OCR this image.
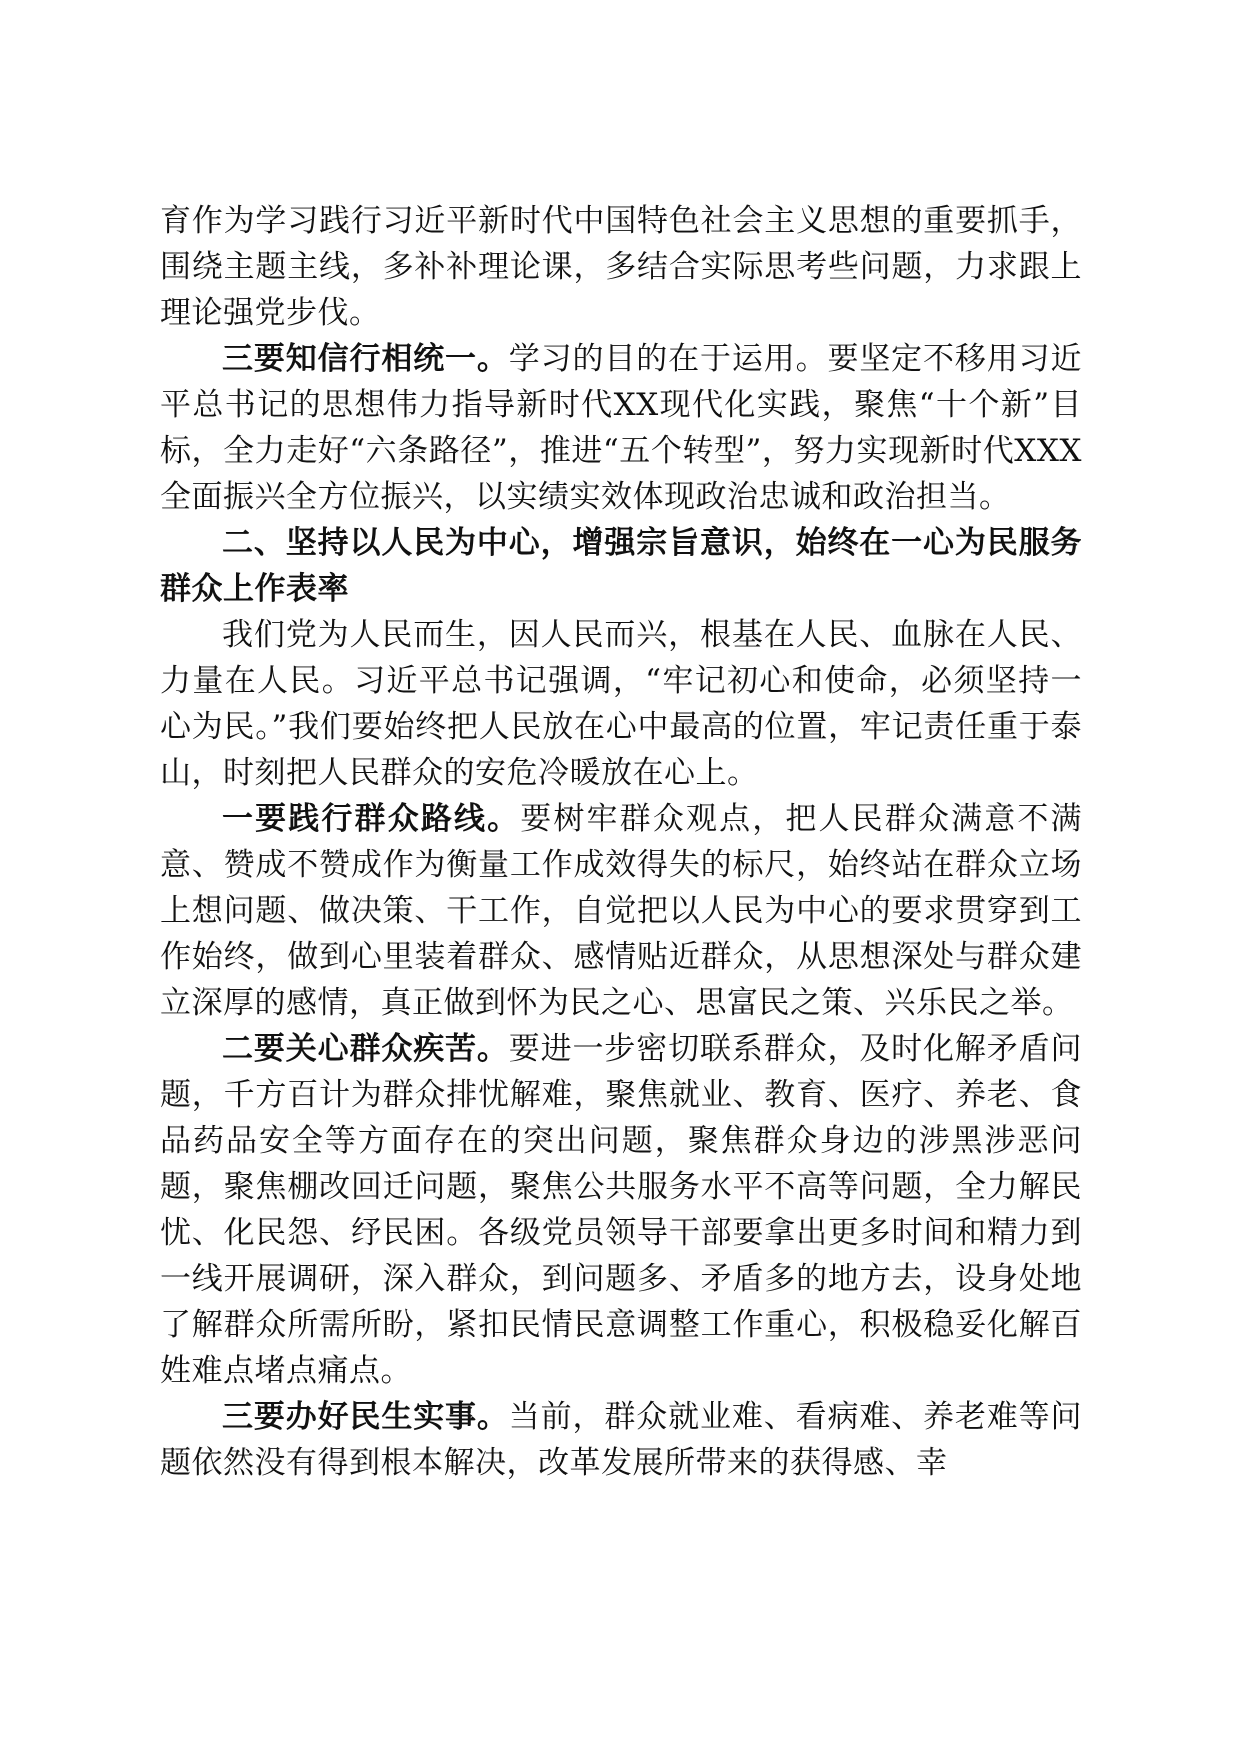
育作为学习践行习近平新时代中国特色社会主义思想的重要抓手，围绕主题主线，多补补理论课，多结合实际思考些问题，力求跟上理论强党步伐。

三要知信行相统一。学习的目的在于运用。要坚定不移用习近平总书记的思想伟力指导新时代XX现代化实践，聚焦“十个新”目标，全力走好“六条路径”，推进“五个转型”，努力实现新时代XXX全面振兴全方位振兴，以实绩实效体现政治忠诚和政治担当。

二、坚持以人民为中心，增强宗旨意识，始终在一心为民服务群众上作表率

我们党为人民而生，因人民而兴，根基在人民、血脉在人民、力量在人民。习近平总书记强调，“牢记初心和使命，必须坚持一心为民。”我们要始终把人民放在心中最高的位置，牢记责任重于泰山，时刻把人民群众的安危冷暖放在心上。

一要践行群众路线。要树牢群众观点，把人民群众满意不满意、赞成不赞成作为衡量工作成效得失的标尺，始终站在群众立场上想问题、做决策、干工作，自觉把以人民为中心的要求贯穿到工作始终，做到心里装着群众、感情贴近群众，从思想深处与群众建立深厚的感情，真正做到怀为民之心、思富民之策、兴乐民之举。

二要关心群众疾苦。要进一步密切联系群众，及时化解矛盾问题，千方百计为群众排忧解难，聚焦就业、教育、医疗、养老、食品药品安全等方面存在的突出问题，聚焦群众身边的涉黑涉恶问题，聚焦棚改回迁问题，聚焦公共服务水平不高等问题，全力解民忧、化民怨、纾民困。各级党员领导干部要拿出更多时间和精力到一线开展调研，深入群众，到问题多、矛盾多的地方去，设身处地了解群众所需所盼，紧扣民情民意调整工作重心，积极稳妥化解百姓难点堵点痛点。

三要办好民生实事。当前，群众就业难、看病难、养老难等问题依然没有得到根本解决，改革发展所带来的获得感、幸
